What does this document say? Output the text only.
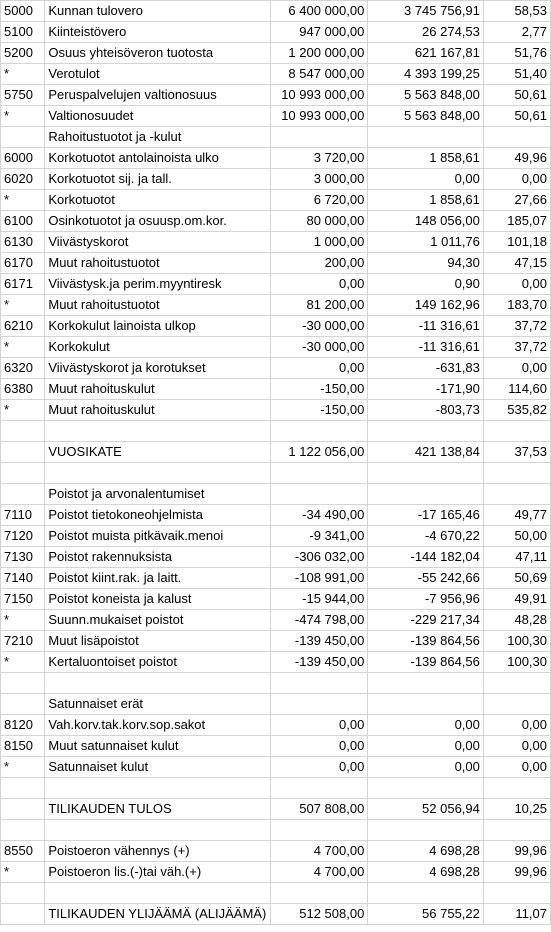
5000	Kunnan tulovero	6 400 000,00	3 745 756,91	58,53
5100	Kiinteistövero	947 000,00	26 274,53	2,77
5200	Osuus yhteisöveron tuotosta	1 200 000,00	621 167,81	51,76
*	Verotulot	8 547 000,00	4 393 199,25	51,40
5750	Peruspalvelujen valtionosuus	10 993 000,00	5 563 848,00	50,61
*	Valtionosuudet	10 993 000,00	5 563 848,00	50,61
	Rahoitustuotot ja -kulut			
6000	Korkotuotot antolainoista ulko	3 720,00	1 858,61	49,96
6020	Korkotuotot sij. ja tall.	3 000,00	0,00	0,00
*	Korkotuotot	6 720,00	1 858,61	27,66
6100	Osinkotuotot ja osuusp.om.kor.	80 000,00	148 056,00	185,07
6130	Viivästyskorot	1 000,00	1 011,76	101,18
6170	Muut rahoitustuotot	200,00	94,30	47,15
6171	Viivästysk.ja perim.myyntiresk	0,00	0,90	0,00
*	Muut rahoitustuotot	81 200,00	149 162,96	183,70
6210	Korkokulut lainoista ulkop	-30 000,00	-11 316,61	37,72
*	Korkokulut	-30 000,00	-11 316,61	37,72
6320	Viivästyskorot ja korotukset	0,00	-631,83	0,00
6380	Muut rahoituskulut	-150,00	-171,90	114,60
*	Muut rahoituskulut	-150,00	-803,73	535,82

	VUOSIKATE	1 122 056,00	421 138,84	37,53

	Poistot ja arvonalentumiset			
7110	Poistot tietokoneohjelmista	-34 490,00	-17 165,46	49,77
7120	Poistot muista pitkävaik.menoi	-9 341,00	-4 670,22	50,00
7130	Poistot rakennuksista	-306 032,00	-144 182,04	47,11
7140	Poistot kiint.rak. ja laitt.	-108 991,00	-55 242,66	50,69
7150	Poistot koneista ja kalust	-15 944,00	-7 956,96	49,91
*	Suunn.mukaiset poistot	-474 798,00	-229 217,34	48,28
7210	Muut lisäpoistot	-139 450,00	-139 864,56	100,30
*	Kertaluontoiset poistot	-139 450,00	-139 864,56	100,30

	Satunnaiset erät			
8120	Vah.korv.tak.korv.sop.sakot	0,00	0,00	0,00
8150	Muut satunnaiset kulut	0,00	0,00	0,00
*	Satunnaiset kulut	0,00	0,00	0,00

	TILIKAUDEN TULOS	507 808,00	52 056,94	10,25

8550	Poistoeron vähennys (+)	4 700,00	4 698,28	99,96
*	Poistoeron lis.(-)tai väh.(+)	4 700,00	4 698,28	99,96

	TILIKAUDEN YLIJÄÄMÄ (ALIJÄÄMÄ)	512 508,00	56 755,22	11,07
